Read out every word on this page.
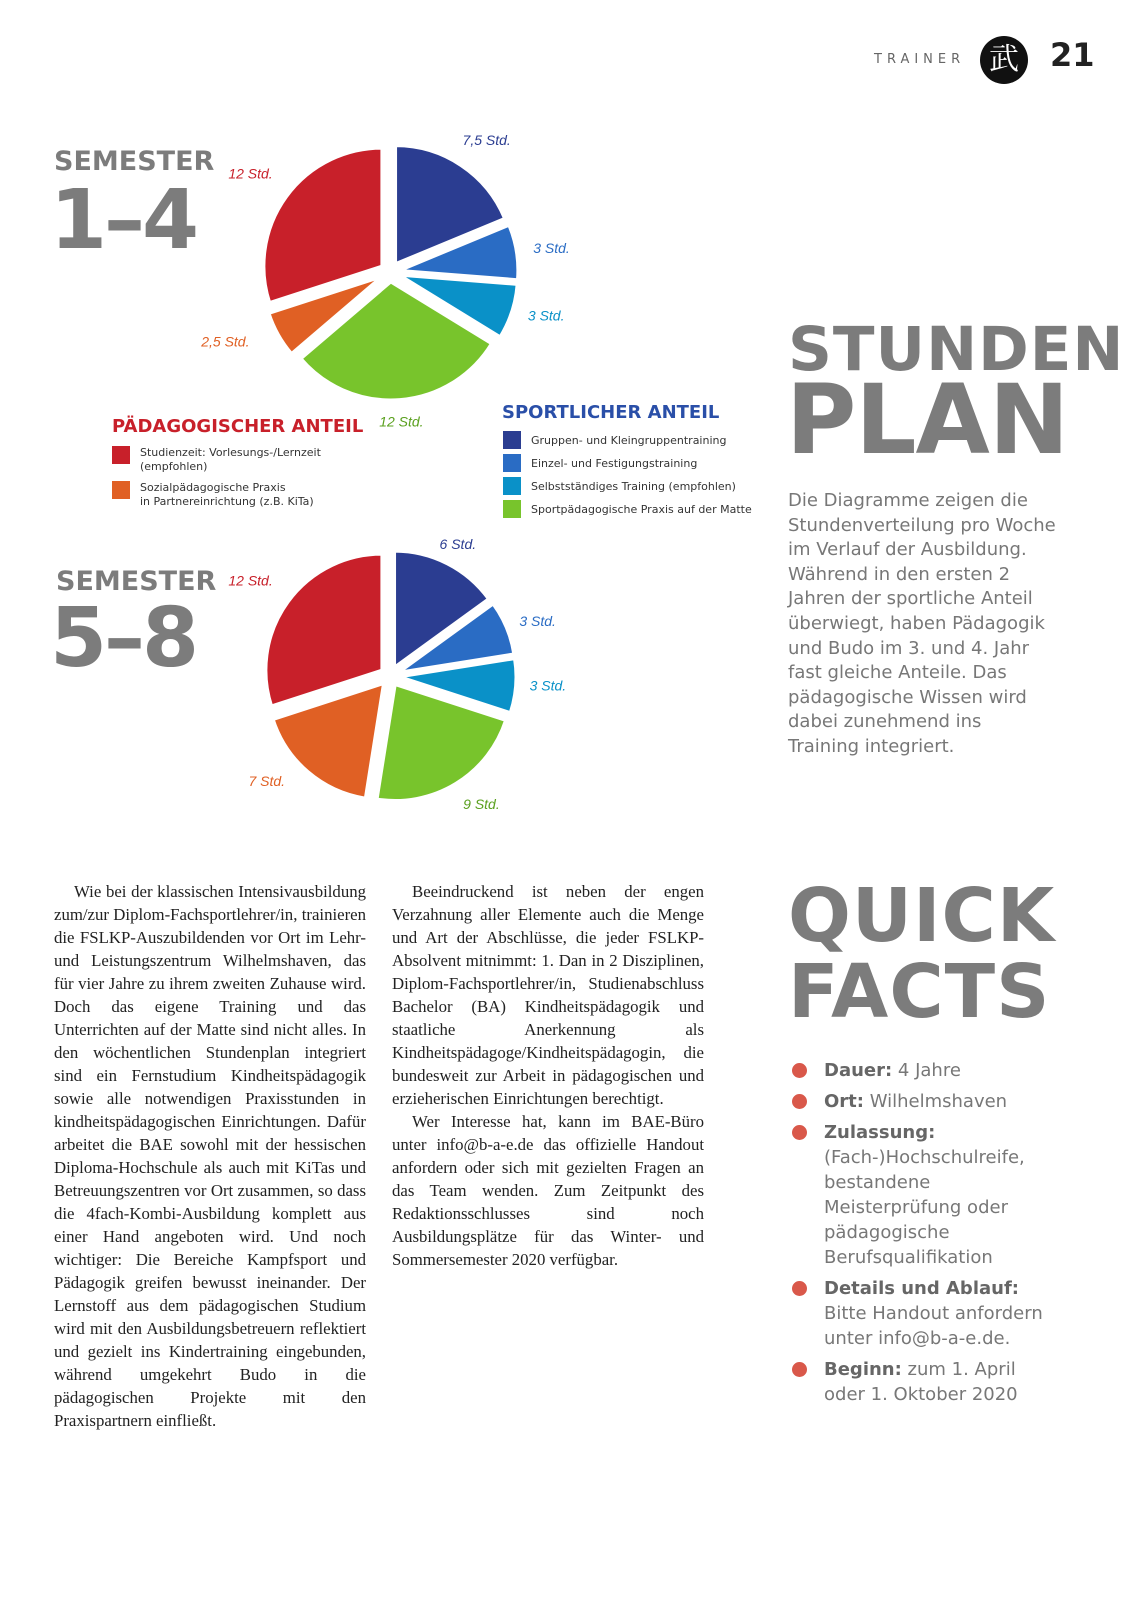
TRAINER 武 21
SEMESTER
1–4
SEMESTER
5–8
7,5 Std.
3 Std.
3 Std.
12 Std.
2,5 Std.
12 Std.
6 Std.
3 Std.
3 Std.
9 Std.
7 Std.
12 Std.
PÄDAGOGISCHER ANTEIL
Studienzeit: Vorlesungs-/Lernzeit
(empfohlen)
Sozialpädagogische Praxis
in Partnereinrichtung (z.B. KiTa)
SPORTLICHER ANTEIL
Gruppen- und Kleingruppentraining
Einzel- und Festigungstraining
Selbstständiges Training (empfohlen)
Sportpädagogische Praxis auf der Matte
STUNDEN
PLAN
Die Diagramme zeigen die Stundenverteilung pro Woche im Verlauf der Ausbildung. Während in den ersten 2 Jahren der sportliche Anteil überwiegt, haben Pädagogik und Budo im 3. und 4. Jahr fast gleiche Anteile. Das pädagogische Wissen wird dabei zunehmend ins Training integriert.

Wie bei der klassischen Intensivausbildung zum/zur Diplom-Fachsportlehrer/in, trainieren die FSLKP-Auszubildenden vor Ort im Lehr- und Leistungszentrum Wilhelmshaven, das für vier Jahre zu ihrem zweiten Zuhause wird. Doch das eigene Training und das Unterrichten auf der Matte sind nicht alles. In den wöchentlichen Stundenplan integriert sind ein Fernstudium Kindheitspädagogik sowie alle notwendigen Praxisstunden in kindheitspädagogischen Einrichtungen. Dafür arbeitet die BAE sowohl mit der hessischen Diploma-Hochschule als auch mit KiTas und Betreuungszentren vor Ort zusammen, so dass die 4fach-Kombi-Ausbildung komplett aus einer Hand angeboten wird. Und noch wichtiger: Die Bereiche Kampfsport und Pädagogik greifen bewusst ineinander. Der Lernstoff aus dem pädagogischen Studium wird mit den Ausbildungsbetreuern reflektiert und gezielt ins Kindertraining eingebunden, während umgekehrt Budo in die pädagogischen Projekte mit den Praxispartnern einfließt.

Beeindruckend ist neben der engen Verzahnung aller Elemente auch die Menge und Art der Abschlüsse, die jeder FSLKP-Absolvent mitnimmt: 1. Dan in 2 Disziplinen, Diplom-Fachsportlehrer/in, Studienabschluss Bachelor (BA) Kindheitspädagogik und staatliche Anerkennung als Kindheitspädagoge/Kindheitspädagogin, die bundesweit zur Arbeit in pädagogischen und erzieherischen Einrichtungen berechtigt.

Wer Interesse hat, kann im BAE-Büro unter info@b-a-e.de das offizielle Handout anfordern oder sich mit gezielten Fragen an das Team wenden. Zum Zeitpunkt des Redaktionsschlusses sind noch Ausbildungsplätze für das Winter- und Sommersemester 2020 verfügbar.

QUICK
FACTS
Dauer: 4 Jahre
Ort: Wilhelmshaven
Zulassung: (Fach-)Hochschulreife, bestandene Meisterprüfung oder pädagogische Berufsqualifikation
Details und Ablauf: Bitte Handout anfordern unter info@b-a-e.de.
Beginn: zum 1. April oder 1. Oktober 2020
